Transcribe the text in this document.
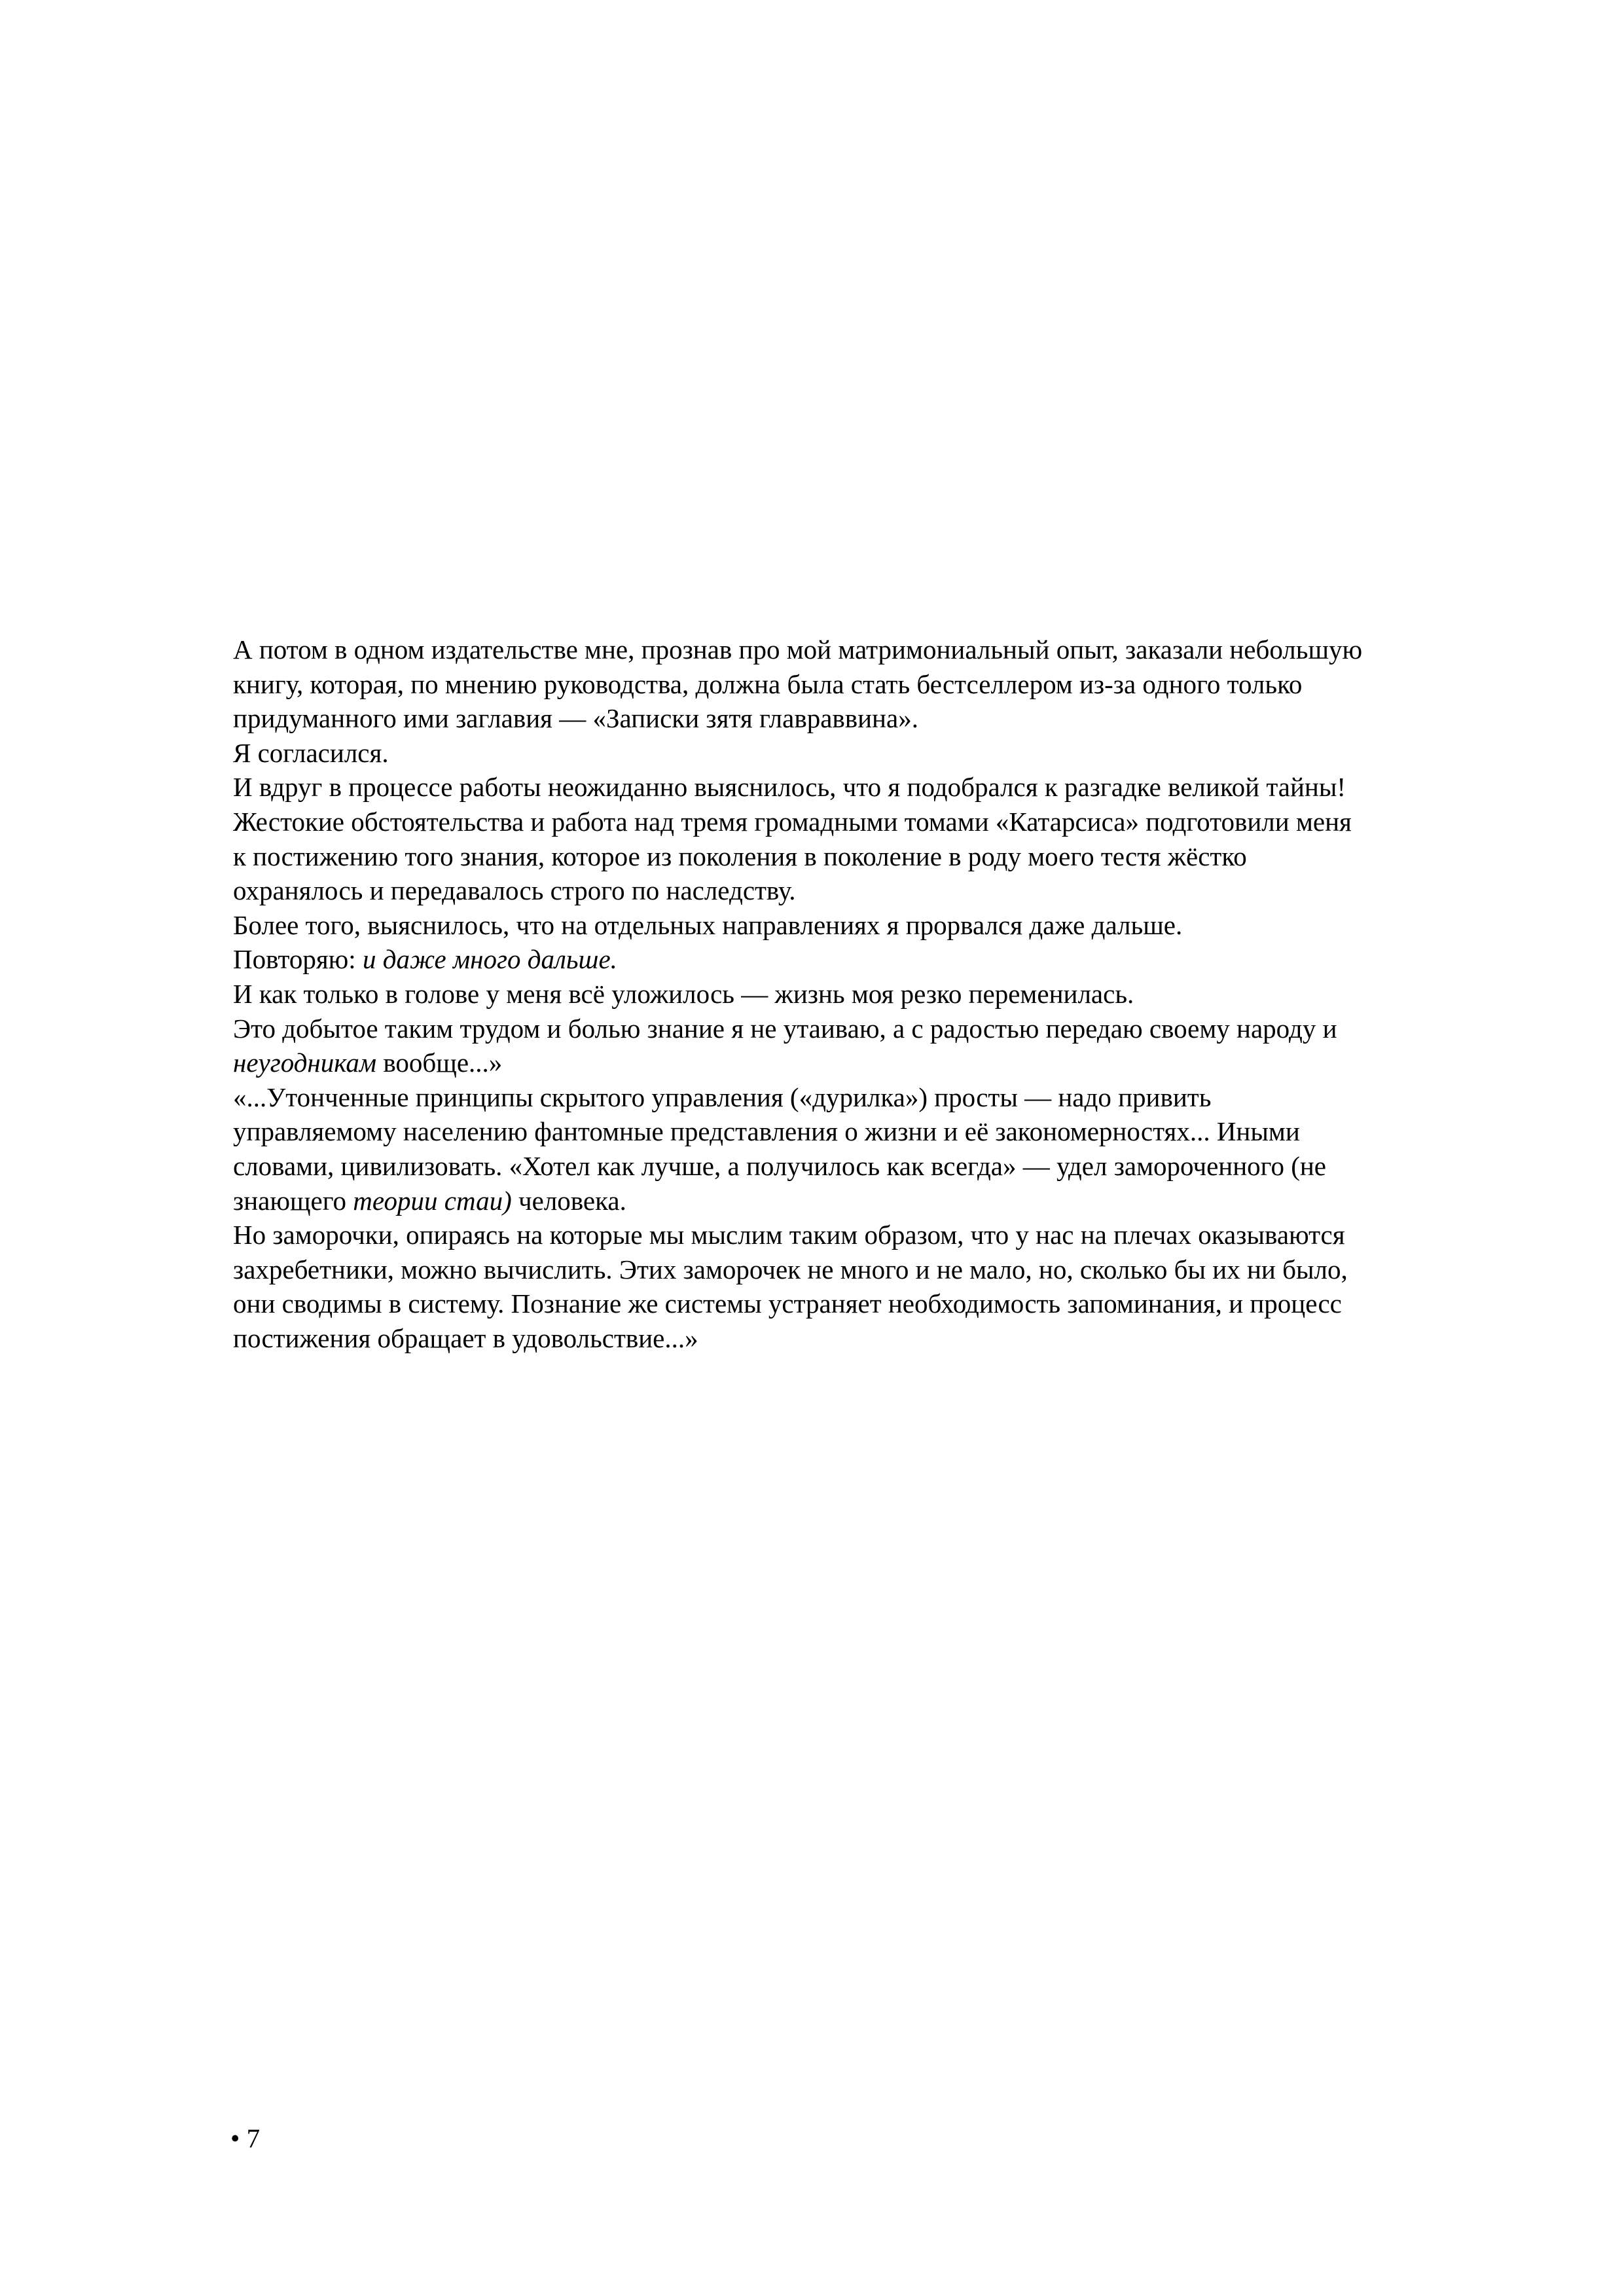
А потом в одном издательстве мне, прознав про мой матримониальный опыт, заказали небольшую
книгу, которая, по мнению руководства, должна была стать бестселлером из-за одного только
придуманного ими заглавия — «Записки зятя главраввина».
Я согласился.
И вдруг в процессе работы неожиданно выяснилось, что я подобрался к разгадке великой тайны!
Жестокие обстоятельства и работа над тремя громадными томами «Катарсиса» подготовили меня
к постижению того знания, которое из поколения в поколение в роду моего тестя жёстко
охранялось и передавалось строго по наследству.
Более того, выяснилось, что на отдельных направлениях я прорвался даже дальше.
Повторяю: и даже много дальше.
И как только в голове у меня всё уложилось — жизнь моя резко переменилась.
Это добытое таким трудом и болью знание я не утаиваю, а с радостью передаю своему народу и
неугодникам вообще...»
«...Утонченные принципы скрытого управления («дурилка») просты — надо привить
управляемому населению фантомные представления о жизни и её закономерностях... Иными
словами, цивилизовать. «Хотел как лучше, а получилось как всегда» — удел замороченного (не
знающего теории стаи) человека.
Но заморочки, опираясь на которые мы мыслим таким образом, что у нас на плечах оказываются
захребетники, можно вычислить. Этих заморочек не много и не мало, но, сколько бы их ни было,
они сводимы в систему. Познание же системы устраняет необходимость запоминания, и процесс
постижения обращает в удовольствие...»
• 7
